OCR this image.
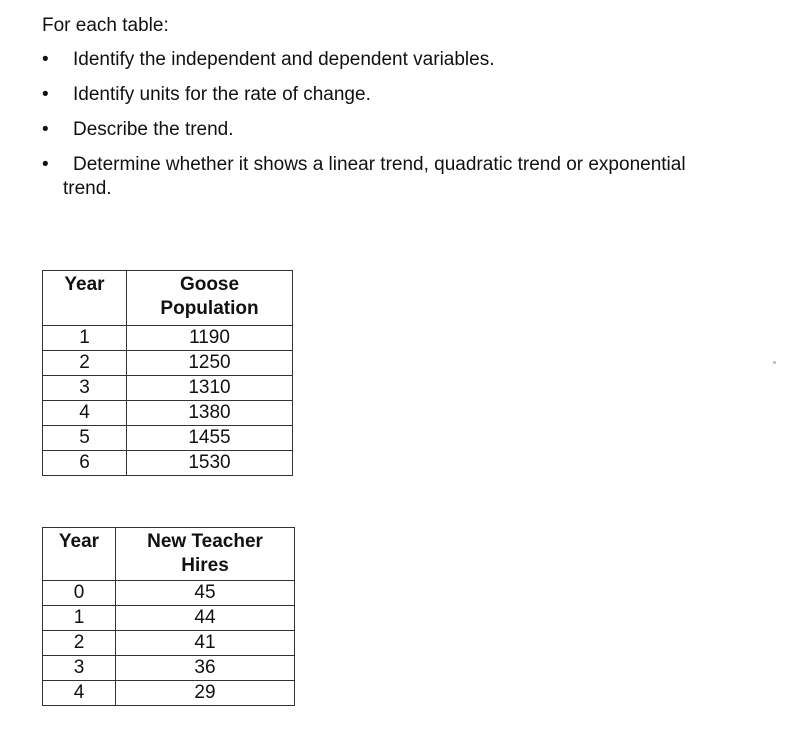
For each table:

• Identify the independent and dependent variables.
• Identify units for the rate of change.
• Describe the trend.
• Determine whether it shows a linear trend, quadratic trend or exponential
trend.
Year	Goose
Population
1	1190
2	1250
3	1310
4	1380
5	1455
6	1530
Year	New Teacher
Hires
0	45
1	44
2	41
3	36
4	29
